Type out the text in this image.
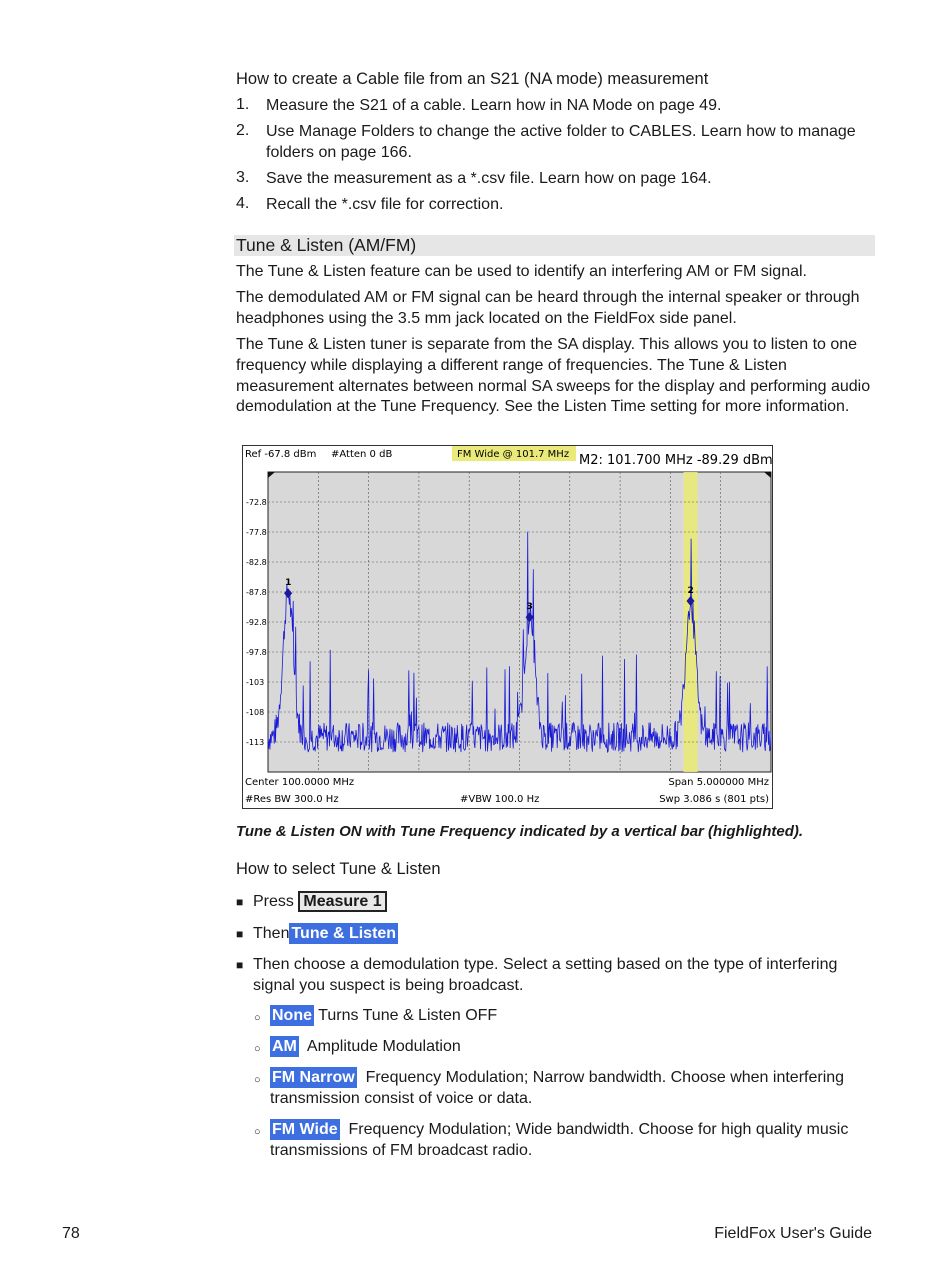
How to create a Cable file from an S21 (NA mode) measurement
1. Measure the S21 of a cable. Learn how in NA Mode on page 49.
2. Use Manage Folders to change the active folder to CABLES. Learn how to manage folders on page 166.
3. Save the measurement as a *.csv file. Learn how on page 164.
4. Recall the *.csv file for correction.
Tune & Listen (AM/FM)
The Tune & Listen feature can be used to identify an interfering AM or FM signal.
The demodulated AM or FM signal can be heard through the internal speaker or through headphones using the 3.5 mm jack located on the FieldFox side panel.
The Tune & Listen tuner is separate from the SA display. This allows you to listen to one frequency while displaying a different range of frequencies. The Tune & Listen measurement alternates between normal SA sweeps for the display and performing audio demodulation at the Tune Frequency. See the Listen Time setting for more information.
Ref -67.8 dBm #Atten 0 dB	FM Wide @ 101.7 MHz M2: 101.700 MHz -89.29 dBm
-72.8
-77.8
-82.8
-87.8
-92.8
-97.8
-103
-108
-113
1
2
3
Center 100.0000 MHz	Span 5.000000 MHz
#Res BW 300.0 Hz	#VBW 100.0 Hz	Swp 3.086 s (801 pts)
Tune & Listen ON with Tune Frequency indicated by a vertical bar (highlighted).
How to select Tune & Listen
■ Press Measure 1
■ Then Tune & Listen
■ Then choose a demodulation type. Select a setting based on the type of interfering signal you suspect is being broadcast.
○ None Turns Tune & Listen OFF
○ AM  Amplitude Modulation
○ FM Narrow  Frequency Modulation; Narrow bandwidth. Choose when interfering transmission consist of voice or data.
○ FM Wide  Frequency Modulation; Wide bandwidth. Choose for high quality music transmissions of FM broadcast radio.
78	FieldFox User's Guide
